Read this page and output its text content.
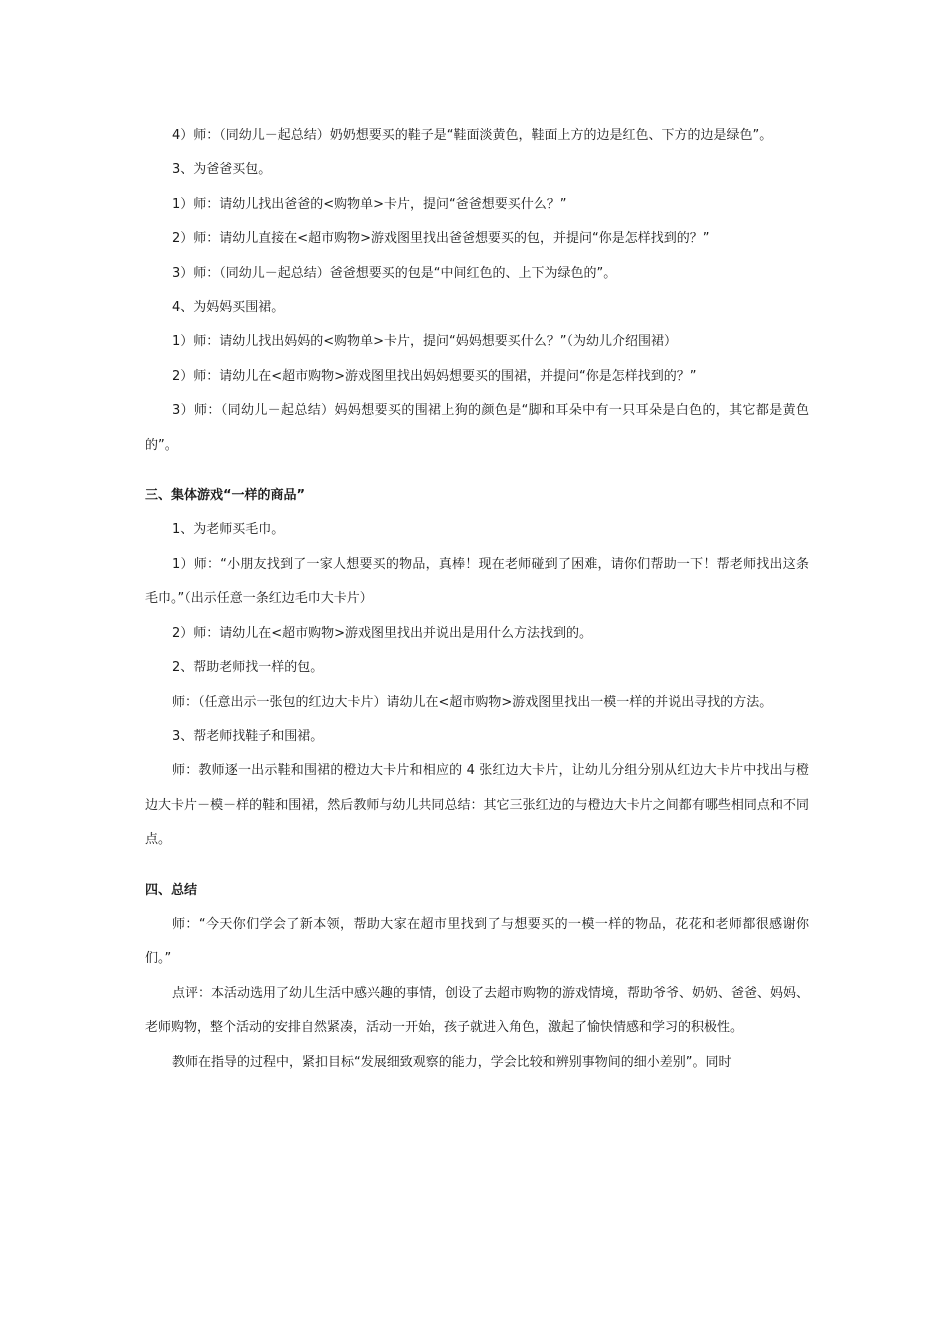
4）师：（同幼儿－起总结）奶奶想要买的鞋子是“鞋面淡黄色，鞋面上方的边是红色、下方的边是绿色”。

3、为爸爸买包。

1）师：请幼儿找出爸爸的<购物单>卡片，提问“爸爸想要买什么？”

2）师：请幼儿直接在<超市购物>游戏图里找出爸爸想要买的包，并提问“你是怎样找到的？”

3）师：（同幼儿－起总结）爸爸想要买的包是“中间红色的、上下为绿色的”。

4、为妈妈买围裙。

1）师：请幼儿找出妈妈的<购物单>卡片，提问“妈妈想要买什么？”（为幼儿介绍围裙）

2）师：请幼儿在<超市购物>游戏图里找出妈妈想要买的围裙，并提问“你是怎样找到的？”

3）师：（同幼儿－起总结）妈妈想要买的围裙上狗的颜色是“脚和耳朵中有一只耳朵是白色的，其它都是黄色的”。

三、集体游戏“一样的商品”

1、为老师买毛巾。

1）师：“小朋友找到了一家人想要买的物品，真棒！现在老师碰到了困难，请你们帮助一下！帮老师找出这条毛巾。”（出示任意一条红边毛巾大卡片）

2）师：请幼儿在<超市购物>游戏图里找出并说出是用什么方法找到的。

2、帮助老师找一样的包。

师：（任意出示一张包的红边大卡片）请幼儿在<超市购物>游戏图里找出一模一样的并说出寻找的方法。

3、帮老师找鞋子和围裙。

师：教师逐一出示鞋和围裙的橙边大卡片和相应的 4 张红边大卡片，让幼儿分组分别从红边大卡片中找出与橙边大卡片－模－样的鞋和围裙，然后教师与幼儿共同总结：其它三张红边的与橙边大卡片之间都有哪些相同点和不同点。

四、总结

师：“今天你们学会了新本领，帮助大家在超市里找到了与想要买的一模一样的物品，花花和老师都很感谢你们。”

点评：本活动选用了幼儿生活中感兴趣的事情，创设了去超市购物的游戏情境，帮助爷爷、奶奶、爸爸、妈妈、老师购物，整个活动的安排自然紧凑，活动一开始，孩子就进入角色，激起了愉快情感和学习的积极性。

教师在指导的过程中，紧扣目标“发展细致观察的能力，学会比较和辨别事物间的细小差别”。同时
